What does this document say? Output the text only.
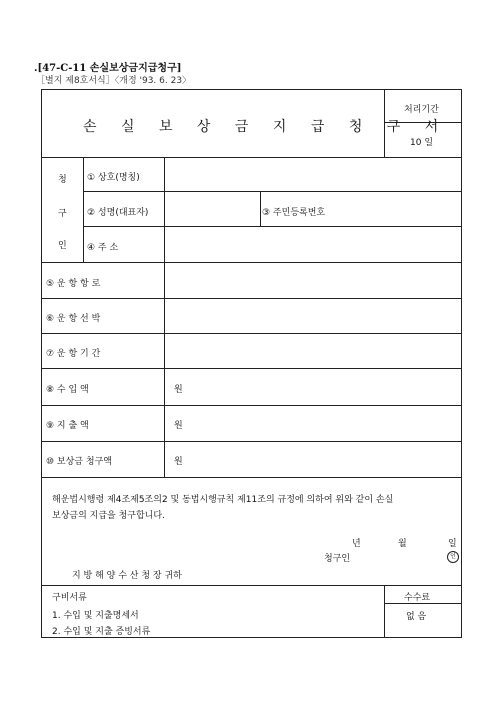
.[47-C-11 손실보상금지급청구]
［별지 제8호서식］〈개정 '93. 6. 23〉
손 실 보 상 금 지 급 청 구 서
처리기간
10 일
청
구
인
① 상호(명칭)
② 성명(대표자)	③ 주민등록번호
④ 주 소
⑤ 운 항 항 로
⑥ 운 항 선 박
⑦ 운 항 기 간
⑧ 수 입 액	원
⑨ 지 출 액	원
⑩ 보상금 청구액	원
해운법시행령 제4조제5조의2 및 동법시행규칙 제11조의 규정에 의하여 위와 같이 손실
보상금의 지급을 청구합니다.
년	월	일
청구인	인
지 방 해 양 수 산 청 장 귀하
구비서류
1. 수입 및 지출명세서
2. 수입 및 지출 증빙서류
수수료
없 음
